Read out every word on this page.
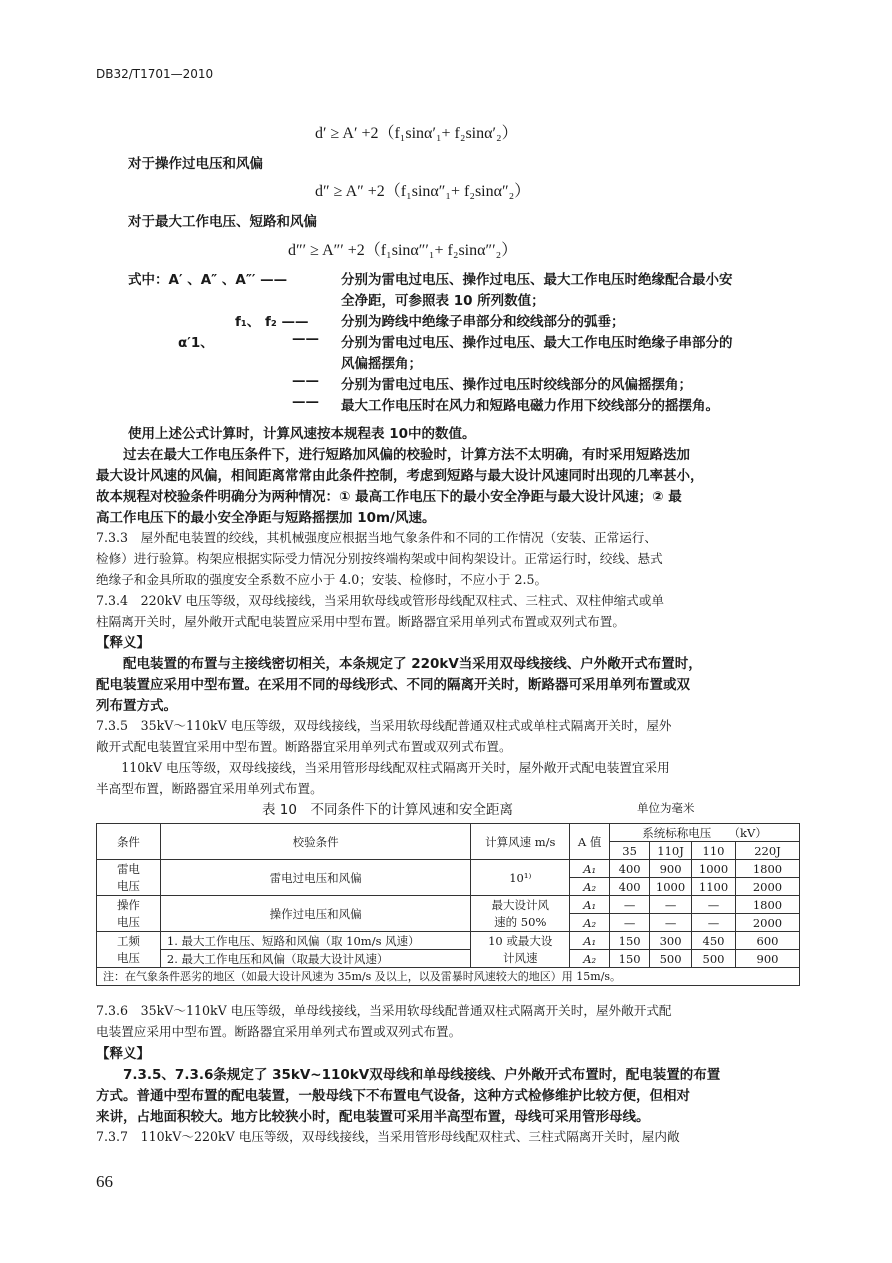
DB32/T1701—2010
d′ ≥ A′ +2（f₁sinα′₁+ f₂sinα′₂）
对于操作过电压和风偏
d″ ≥ A″ +2（f₁sinα″₁+ f₂sinα″₂）
对于最大工作电压、短路和风偏
d″′ ≥ A″′ +2（f₁sinα″′₁+ f₂sinα″′₂）
式中：A′ 、A″ 、A″′ ——	分别为雷电过电压、操作过电压、最大工作电压时绝缘配合最小安
全净距，可参照表 10 所列数值；
f₁、 f₂ —— 分别为跨线中绝缘子串部分和绞线部分的弧垂；
α′1、	—— 分别为雷电过电压、操作过电压、最大工作电压时绝缘子串部分的
风偏摇摆角；
—— 分别为雷电过电压、操作过电压时绞线部分的风偏摇摆角；
—— 最大工作电压时在风力和短路电磁力作用下绞线部分的摇摆角。
使用上述公式计算时，计算风速按本规程表 10中的数值。
　　过去在最大工作电压条件下，进行短路加风偏的校验时，计算方法不太明确，有时采用短路迭加
最大设计风速的风偏，相间距离常常由此条件控制，考虑到短路与最大设计风速同时出现的几率甚小，
故本规程对校验条件明确分为两种情况：① 最高工作电压下的最小安全净距与最大设计风速；② 最
高工作电压下的最小安全净距与短路摇摆加 10m/风速。
7.3.3　屋外配电装置的绞线，其机械强度应根据当地气象条件和不同的工作情况（安装、正常运行、
检修）进行验算。构架应根据实际受力情况分别按终端构架或中间构架设计。正常运行时，绞线、悬式
绝缘子和金具所取的强度安全系数不应小于 4.0；安装、检修时，不应小于 2.5。
7.3.4　220kV 电压等级，双母线接线，当采用软母线或管形母线配双柱式、三柱式、双柱伸缩式或单
柱隔离开关时，屋外敞开式配电装置应采用中型布置。断路器宜采用单列式布置或双列式布置。
【释义】
　　配电装置的布置与主接线密切相关，本条规定了 220kV当采用双母线接线、户外敞开式布置时，
配电装置应采用中型布置。在采用不同的母线形式、不同的隔离开关时，断路器可采用单列布置或双
列布置方式。
7.3.5　35kV～110kV 电压等级，双母线接线，当采用软母线配普通双柱式或单柱式隔离开关时，屋外
敞开式配电装置宜采用中型布置。断路器宜采用单列式布置或双列式布置。
　　110kV 电压等级，双母线接线，当采用管形母线配双柱式隔离开关时，屋外敞开式配电装置宜采用
半高型布置，断路器宜采用单列式布置。
表 10　不同条件下的计算风速和安全距离	单位为毫米
条件	校验条件	计算风速 m/s	A 值	系统标称电压　　（kV）			
				35	110J	110	220J
雷电
电压	雷电过电压和风偏	10¹⁾	A₁	400	900	1000	1800
			A₂	400	1000	1100	2000
操作
电压	操作过电压和风偏	最大设计风
速的 50%	A₁	—	—	—	1800
			A₂	—	—	—	2000
工频
电压	1. 最大工作电压、短路和风偏（取 10m/s 风速）	10 或最大设
计风速	A₁	150	300	450	600
	2. 最大工作电压和风偏（取最大设计风速）		A₂	150	500	500	900
注：在气象条件恶劣的地区（如最大设计风速为 35m/s 及以上，以及雷暴时风速较大的地区）用 15m/s。							
7.3.6　35kV～110kV 电压等级，单母线接线，当采用软母线配普通双柱式隔离开关时，屋外敞开式配
电装置应采用中型布置。断路器宜采用单列式布置或双列式布置。
【释义】
　　7.3.5、7.3.6条规定了 35kV~110kV双母线和单母线接线、户外敞开式布置时，配电装置的布置
方式。普通中型布置的配电装置，一般母线下不布置电气设备，这种方式检修维护比较方便，但相对
来讲，占地面积较大。地方比较狭小时，配电装置可采用半高型布置，母线可采用管形母线。
7.3.7　110kV～220kV 电压等级，双母线接线，当采用管形母线配双柱式、三柱式隔离开关时，屋内敞
66
